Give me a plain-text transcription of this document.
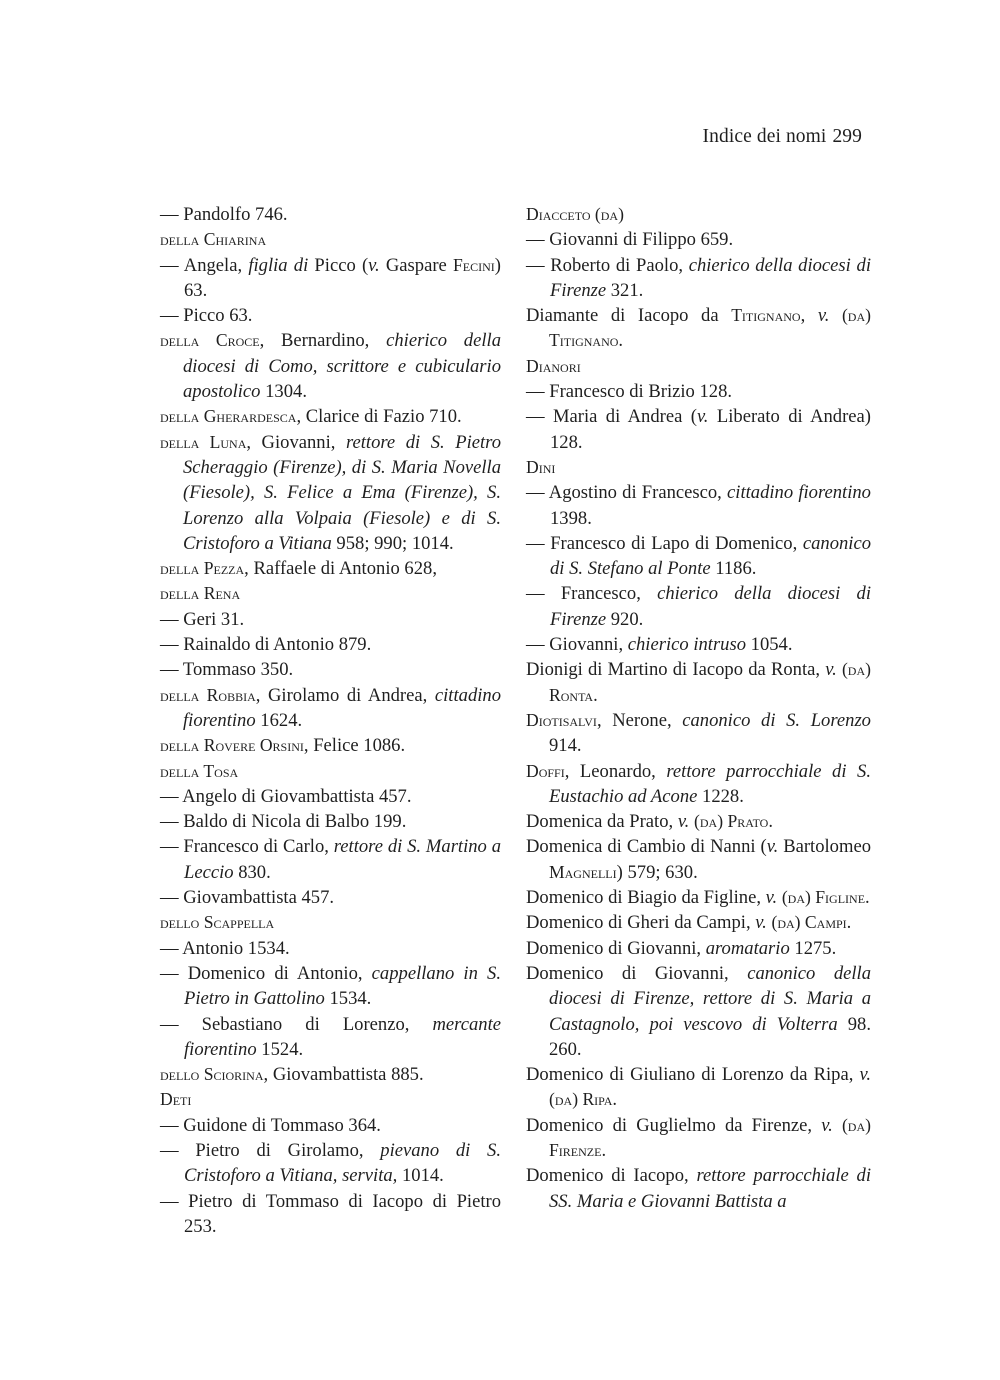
Indice dei nomi 299

— Pandolfo 746.

della Chiarina

— Angela, figlia di Picco (v. Gaspare Fecini) 63.

— Picco 63.

della Croce, Bernardino, chierico della diocesi di Como, scrittore e cubiculario apostolico 1304.

della Gherardesca, Clarice di Fazio 710.

della Luna, Giovanni, rettore di S. Pietro Scheraggio (Firenze), di S. Maria Novella (Fiesole), S. Felice a Ema (Firenze), S. Lorenzo alla Volpaia (Fiesole) e di S. Cristoforo a Vitiana 958; 990; 1014.

della Pezza, Raffaele di Antonio 628,

della Rena

— Geri 31.

— Rainaldo di Antonio 879.

— Tommaso 350.

della Robbia, Girolamo di Andrea, cittadino fiorentino 1624.

della Rovere Orsini, Felice 1086.

della Tosa

— Angelo di Giovambattista 457.

— Baldo di Nicola di Balbo 199.

— Francesco di Carlo, rettore di S. Martino a Leccio 830.

— Giovambattista 457.

dello Scappella

— Antonio 1534.

— Domenico di Antonio, cappellano in S. Pietro in Gattolino 1534.

— Sebastiano di Lorenzo, mercante fiorentino 1524.

dello Sciorina, Giovambattista 885.

Deti

— Guidone di Tommaso 364.

— Pietro di Girolamo, pievano di S. Cristoforo a Vitiana, servita, 1014.

— Pietro di Tommaso di Iacopo di Pietro 253.

Diacceto (da)

— Giovanni di Filippo 659.

— Roberto di Paolo, chierico della diocesi di Firenze 321.

Diamante di Iacopo da Titignano, v. (da) Titignano.

Dianori

— Francesco di Brizio 128.

— Maria di Andrea (v. Liberato di Andrea) 128.

Dini

— Agostino di Francesco, cittadino fiorentino 1398.

— Francesco di Lapo di Domenico, canonico di S. Stefano al Ponte 1186.

— Francesco, chierico della diocesi di Firenze 920.

— Giovanni, chierico intruso 1054.

Dionigi di Martino di Iacopo da Ronta, v. (da) Ronta.

Diotisalvi, Nerone, canonico di S. Lorenzo 914.

Doffi, Leonardo, rettore parrocchiale di S. Eustachio ad Acone 1228.

Domenica da Prato, v. (da) Prato.

Domenica di Cambio di Nanni (v. Bartolomeo Magnelli) 579; 630.

Domenico di Biagio da Figline, v. (da) Figline.

Domenico di Gheri da Campi, v. (da) Campi.

Domenico di Giovanni, aromatario 1275.

Domenico di Giovanni, canonico della diocesi di Firenze, rettore di S. Maria a Castagnolo, poi vescovo di Volterra 98. 260.

Domenico di Giuliano di Lorenzo da Ripa, v. (da) Ripa.

Domenico di Guglielmo da Firenze, v. (da) Firenze.

Domenico di Iacopo, rettore parrocchiale di SS. Maria e Giovanni Battista a
